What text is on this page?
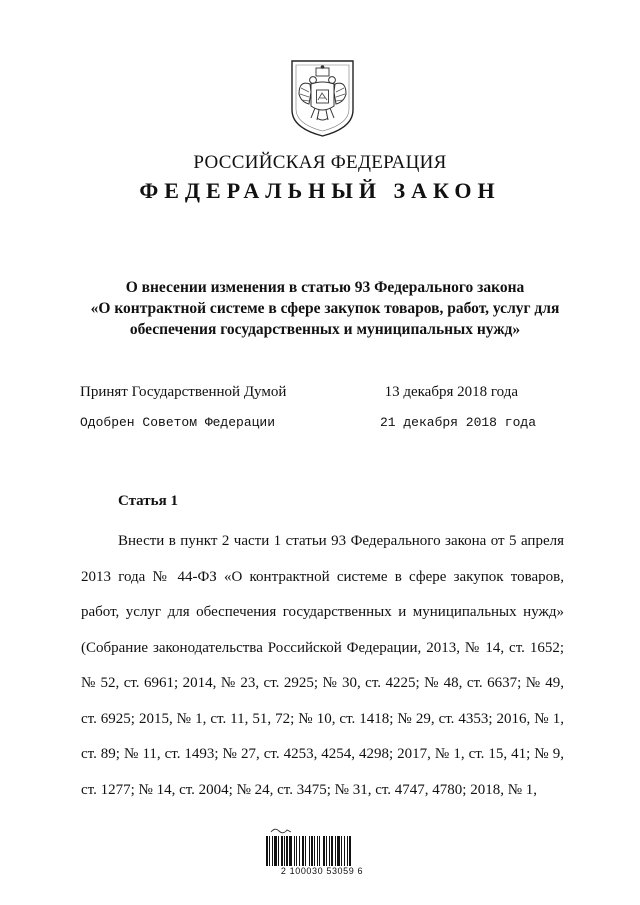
РОССИЙСКАЯ ФЕДЕРАЦИЯ
ФЕДЕРАЛЬНЫЙ ЗАКОН
О внесении изменения в статью 93 Федерального закона
«О контрактной системе в сфере закупок товаров, работ, услуг для
обеспечения государственных и муниципальных нужд»
Принят Государственной Думой	13 декабря 2018 года
Одобрен Советом Федерации	21 декабря 2018 года
Статья 1

Внести в пункт 2 части 1 статьи 93 Федерального закона от 5 апреля 2013 года № 44-ФЗ «О контрактной системе в сфере закупок товаров, работ, услуг для обеспечения государственных и муниципальных нужд» (Собрание законодательства Российской Федерации, 2013, № 14, ст. 1652; № 52, ст. 6961; 2014, № 23, ст. 2925; № 30, ст. 4225; № 48, ст. 6637; № 49, ст. 6925; 2015, № 1, ст. 11, 51, 72; № 10, ст. 1418; № 29, ст. 4353; 2016, № 1, ст. 89; № 11, ст. 1493; № 27, ст. 4253, 4254, 4298; 2017, № 1, ст. 15, 41; № 9, ст. 1277; № 14, ст. 2004; № 24, ст. 3475; № 31, ст. 4747, 4780; 2018, № 1,

2 100030 53059 6
